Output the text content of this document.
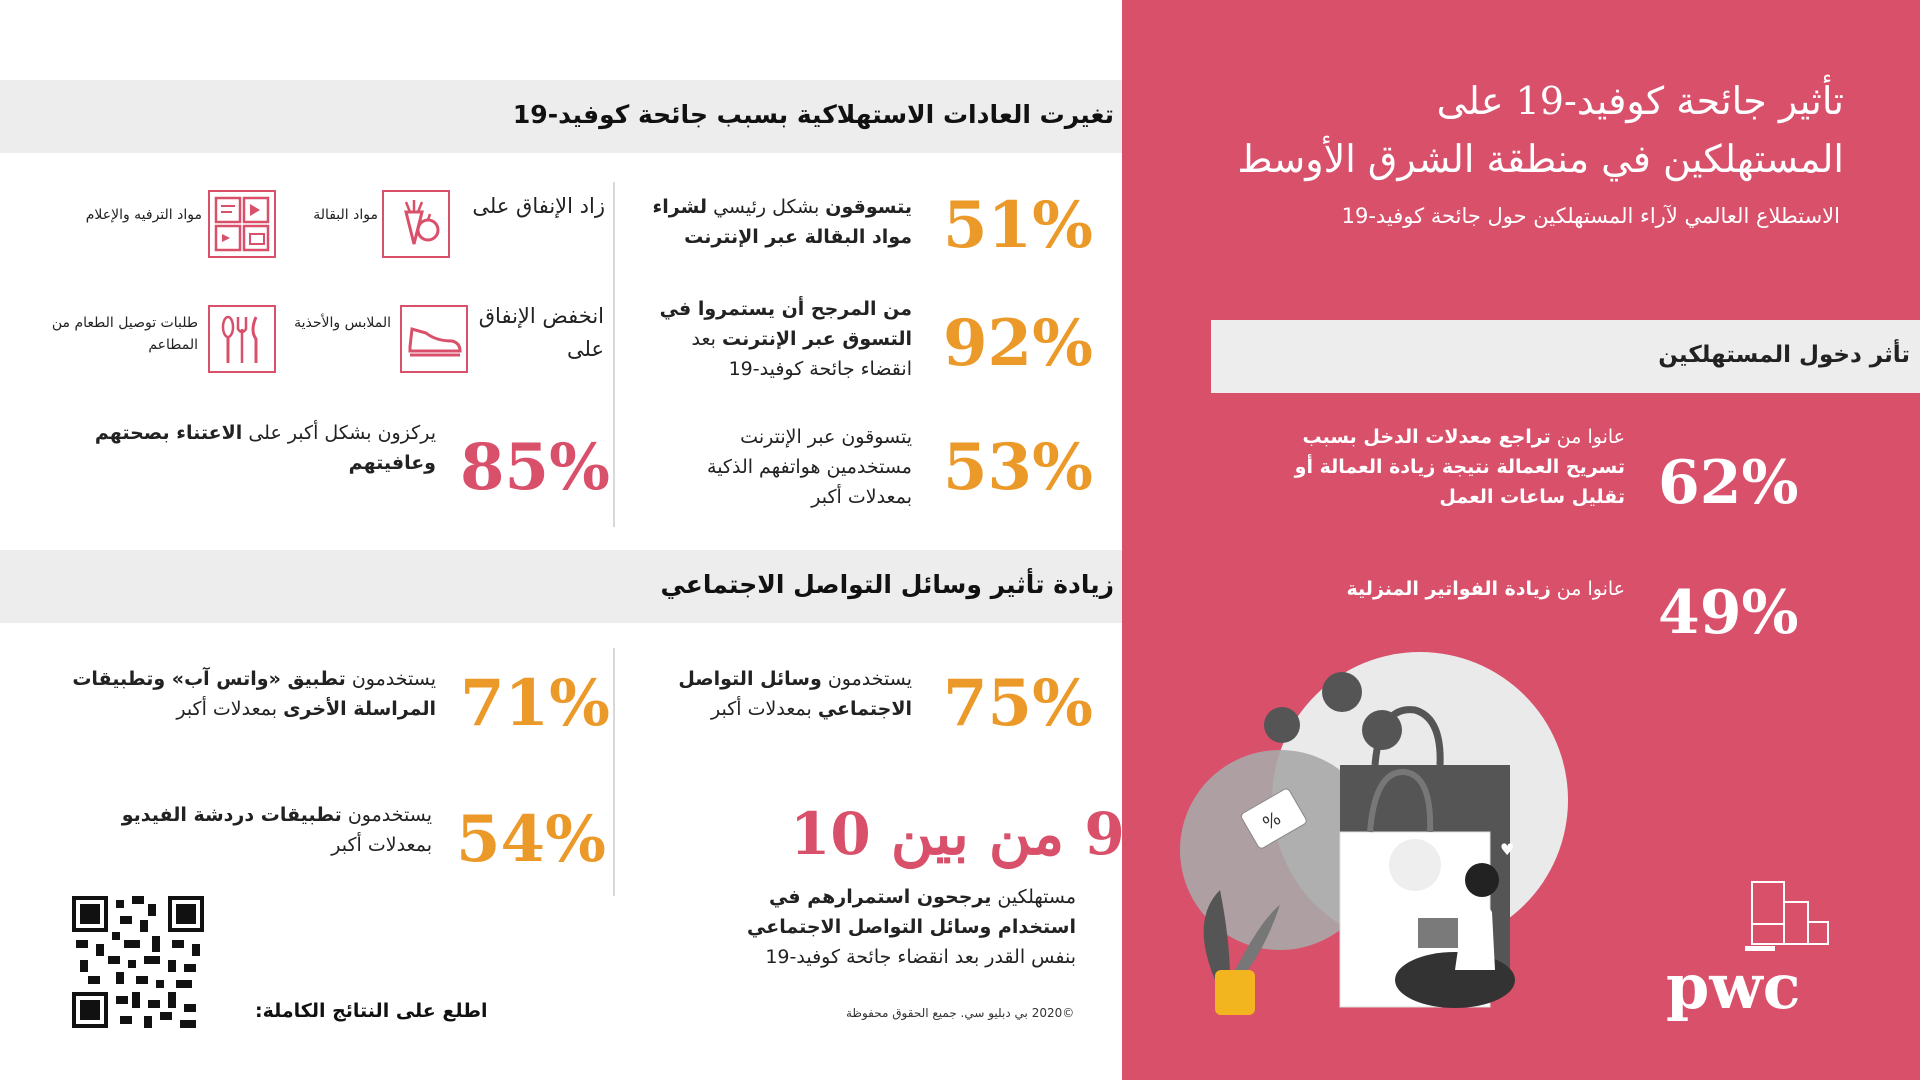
تأثير جائحة كوفيد-19 على
المستهلكين في منطقة الشرق الأوسط
الاستطلاع العالمي لآراء المستهلكين حول جائحة كوفيد-19
تأثر دخول المستهلكين
62%
عانوا من تراجع معدلات الدخل بسبب تسريح العمالة نتيجة زيادة العمالة أو تقليل ساعات العمل
49%
عانوا من زيادة الفواتير المنزلية
%
♥
pwc
تغيرت العادات الاستهلاكية بسبب جائحة كوفيد-19
51%
يتسوقون بشكل رئيسي لشراء مواد البقالة عبر الإنترنت
92%
من المرجح أن يستمروا في التسوق عبر الإنترنت بعد انقضاء جائحة كوفيد-19
53%
يتسوقون عبر الإنترنت مستخدمين هواتفهم الذكية بمعدلات أكبر
زاد الإنفاق على
مواد البقالة
مواد الترفيه والإعلام
انخفض الإنفاق على
الملابس والأحذية
طلبات توصيل الطعام من المطاعم
85%
يركزون بشكل أكبر على الاعتناء بصحتهم وعافيتهم
زيادة تأثير وسائل التواصل الاجتماعي
75%
يستخدمون وسائل التواصل الاجتماعي بمعدلات أكبر
71%
يستخدمون تطبيق «واتس آب» وتطبيقات المراسلة الأخرى بمعدلات أكبر
54%
يستخدمون تطبيقات دردشة الفيديو بمعدلات أكبر	9 من بين 10
مستهلكين يرجحون استمرارهم في استخدام وسائل التواصل الاجتماعي بنفس القدر بعد انقضاء جائحة كوفيد-19
اطلع على النتائج الكاملة:	©2020 بي دبليو سي. جميع الحقوق محفوظة
